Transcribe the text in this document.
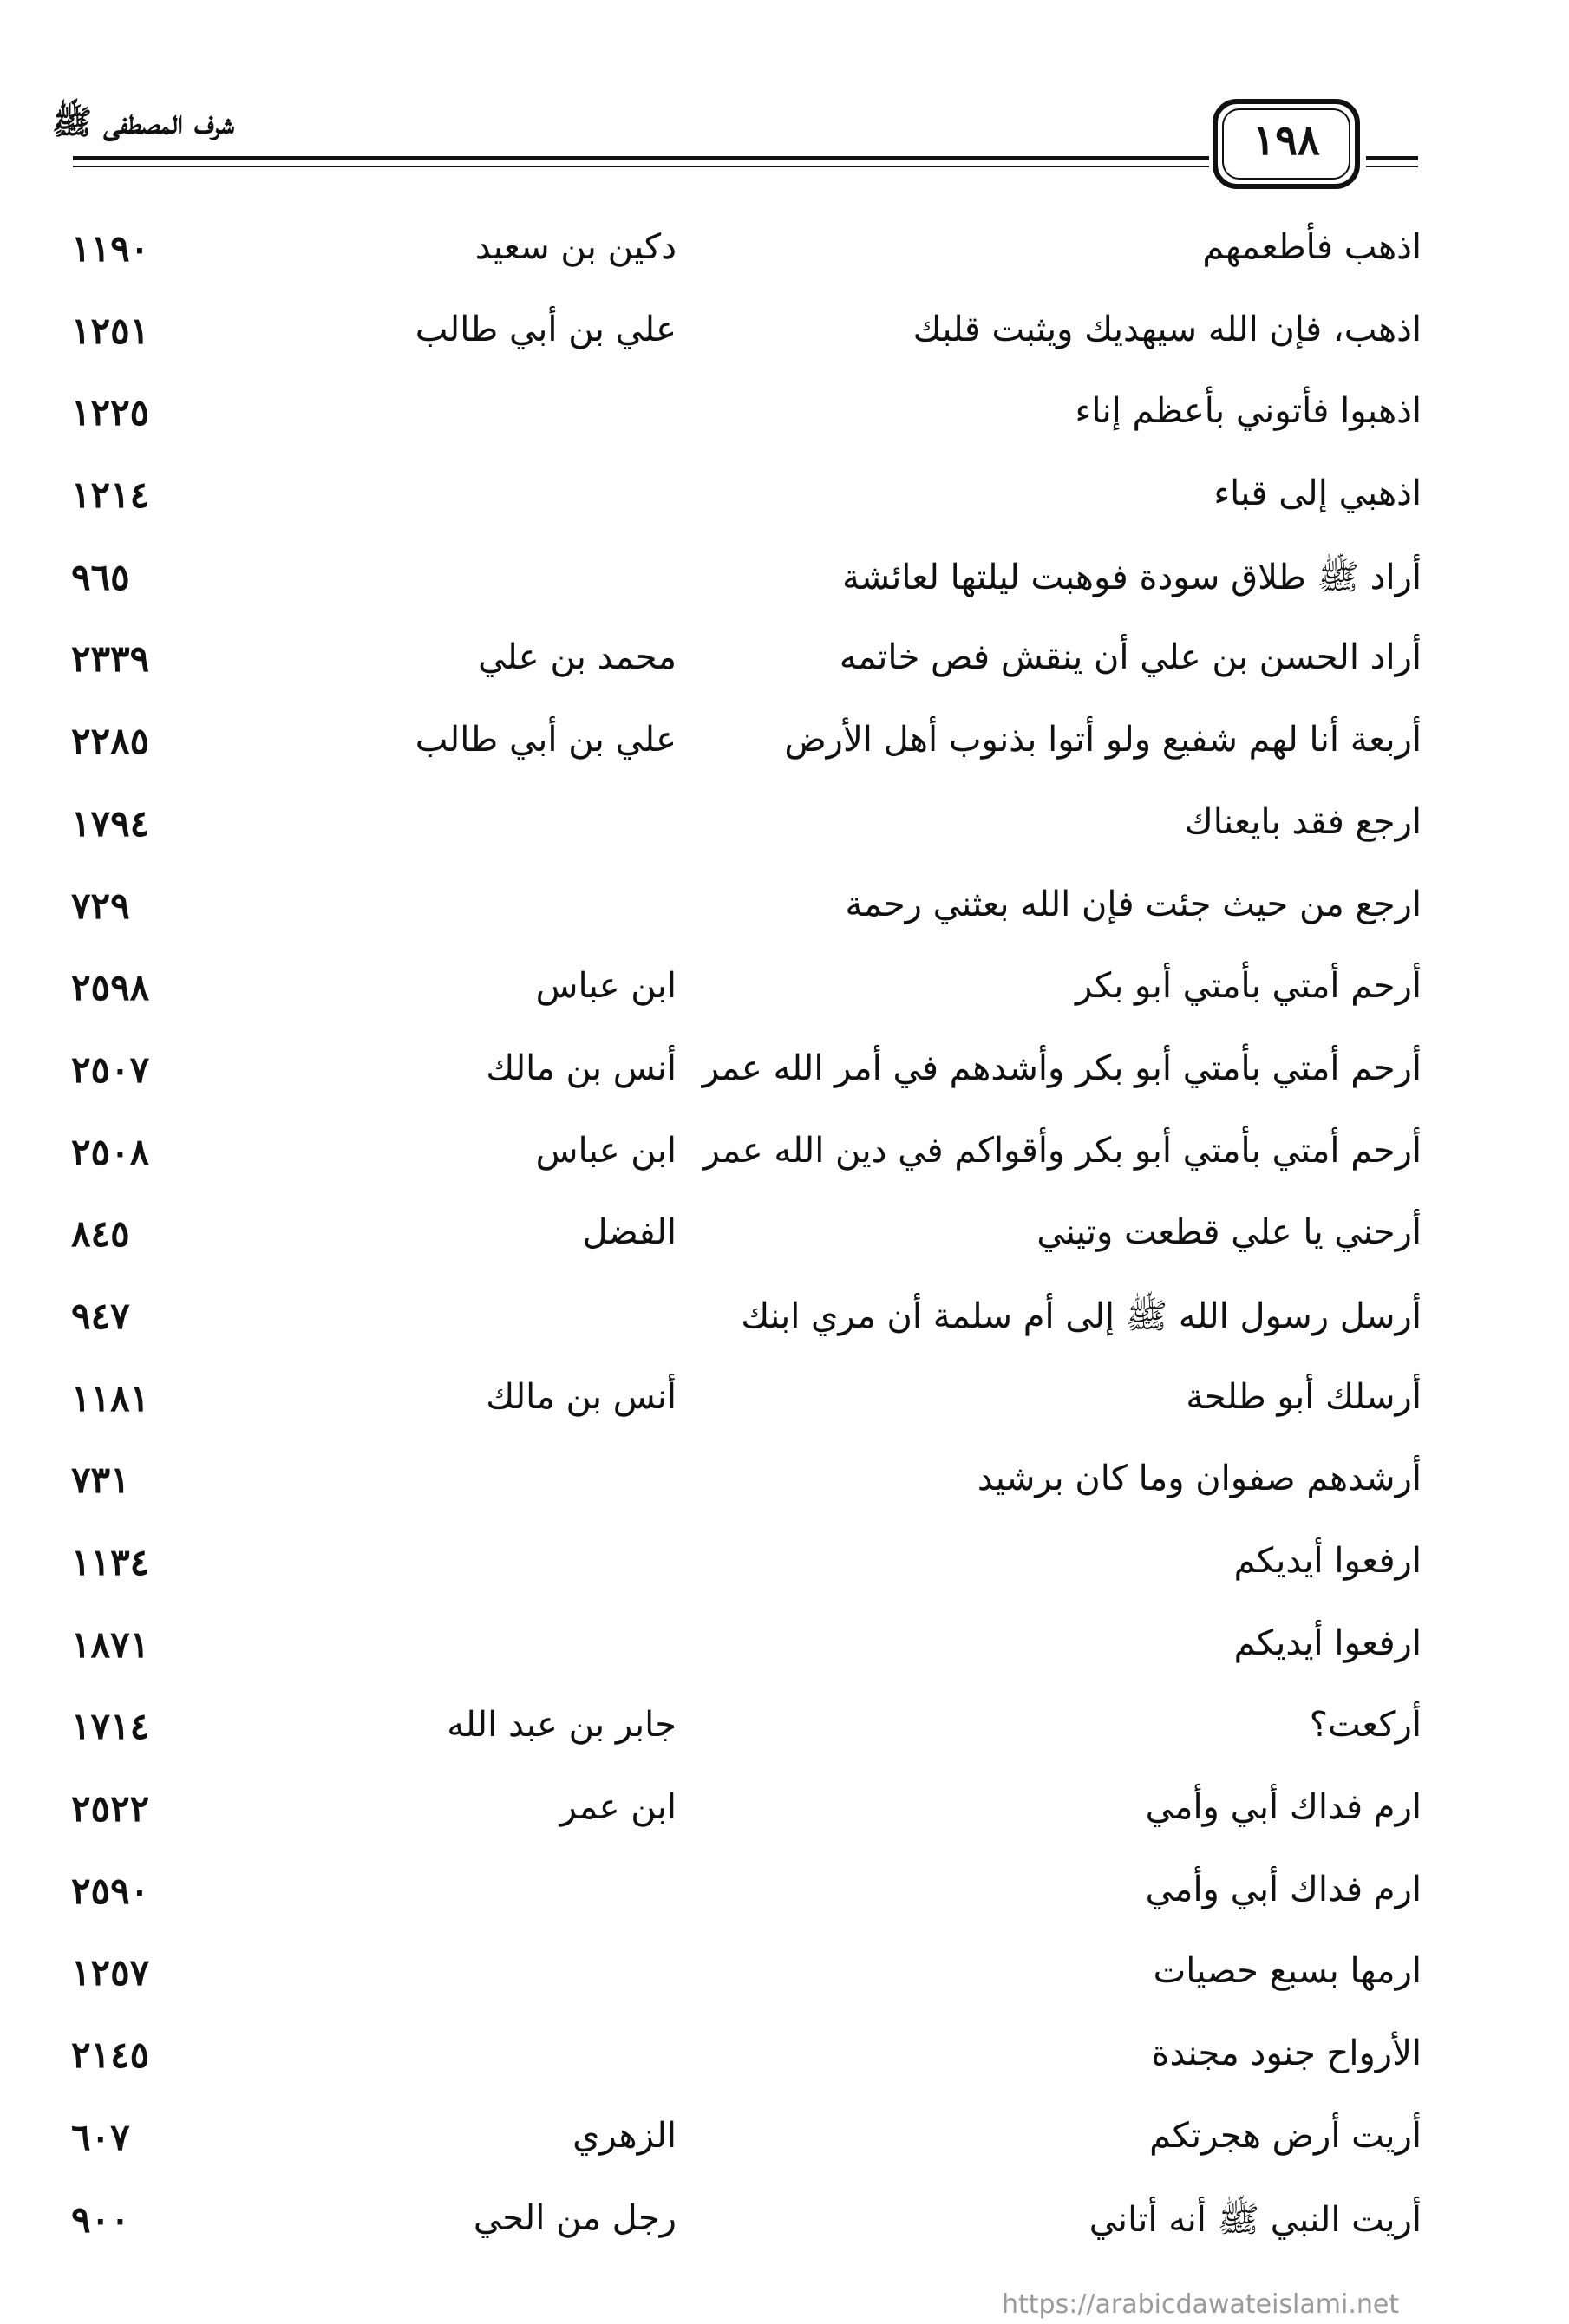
شرف المصطفى ﷺ	١٩٨
اذهب فأطعمهم
دكين بن سعيد
١١٩٠
اذهب، فإن الله سيهديك ويثبت قلبك
علي بن أبي طالب
١٢٥١
اذهبوا فأتوني بأعظم إناء
١٢٢٥
اذهبي إلى قباء
١٢١٤
أراد ﷺ طلاق سودة فوهبت ليلتها لعائشة
٩٦٥
أراد الحسن بن علي أن ينقش فص خاتمه
محمد بن علي
٢٣٣٩
أربعة أنا لهم شفيع ولو أتوا بذنوب أهل الأرض
علي بن أبي طالب
٢٢٨٥
ارجع فقد بايعناك
١٧٩٤
ارجع من حيث جئت فإن الله بعثني رحمة
٧٢٩
أرحم أمتي بأمتي أبو بكر
ابن عباس
٢٥٩٨
أرحم أمتي بأمتي أبو بكر وأشدهم في أمر الله عمر
أنس بن مالك
٢٥٠٧
أرحم أمتي بأمتي أبو بكر وأقواكم في دين الله عمر
ابن عباس
٢٥٠٨
أرحني يا علي قطعت وتيني
الفضل
٨٤٥
أرسل رسول الله ﷺ إلى أم سلمة أن مري ابنك
٩٤٧
أرسلك أبو طلحة
أنس بن مالك
١١٨١
أرشدهم صفوان وما كان برشيد
٧٣١
ارفعوا أيديكم
١١٣٤
ارفعوا أيديكم
١٨٧١
أركعت؟
جابر بن عبد الله
١٧١٤
ارم فداك أبي وأمي
ابن عمر
٢٥٢٢
ارم فداك أبي وأمي
٢٥٩٠
ارمها بسبع حصيات
١٢٥٧
الأرواح جنود مجندة
٢١٤٥
أريت أرض هجرتكم
الزهري
٦٠٧
أريت النبي ﷺ أنه أتاني
رجل من الحي
٩٠٠
https://arabicdawateislami.net
